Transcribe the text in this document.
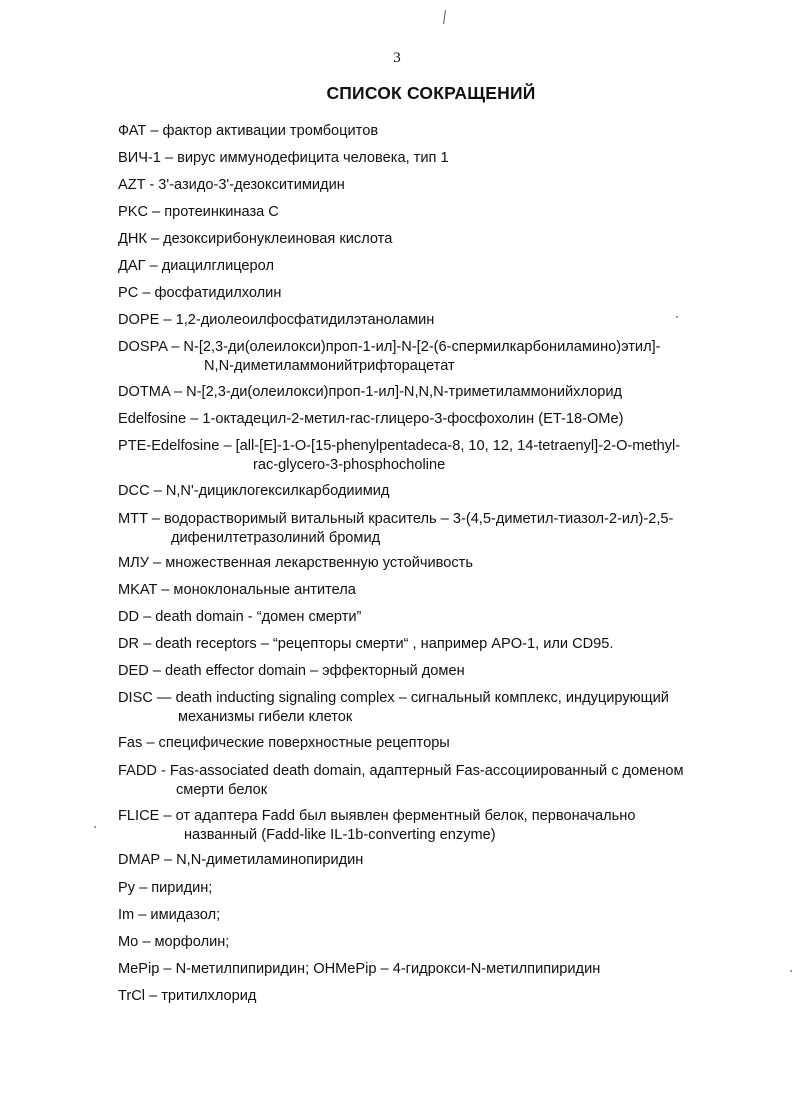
3
СПИСОК СОКРАЩЕНИЙ
ФАТ – фактор активации тромбоцитов
ВИЧ-1 – вирус иммунодефицита человека, тип 1
AZT - 3'-азидо-3'-дезокситимидин
PKC – протеинкиназа С
ДНК – дезоксирибонуклеиновая кислота
ДАГ – диацилглицерол
PC – фосфатидилхолин
DOPE – 1,2-диолеоилфосфатидилэтаноламин
DOSPA – N-[2,3-ди(олеилокси)проп-1-ил]-N-[2-(6-спермилкарбониламино)этил]-
N,N-диметиламмонийтрифторацетат
DOTMA – N-[2,3-ди(олеилокси)проп-1-ил]-N,N,N-триметиламмонийхлорид
Edelfosine – 1-октадецил-2-метил-rac-глицеро-3-фосфохолин (ET-18-OMe)
PTE-Edelfosine – [all-[E]-1-O-[15-phenylpentadeca-8, 10, 12, 14-tetraenyl]-2-O-methyl-
rac-glycero-3-phosphocholine
DCC – N,N'-дициклогексилкарбодиимид
MTT – водорастворимый витальный краситель – 3-(4,5-диметил-тиазол-2-ил)-2,5-
дифенилтетразолиний бромид
МЛУ – множественная лекарственную устойчивость
MKAT – моноклональные антитела
DD – death domain - “домен смерти”
DR – death receptors – “рецепторы смерти“ , например APO-1, или CD95.
DED – death effector domain – эффекторный домен
DISC — death inducting signaling complex – сигнальный комплекс, индуцирующий
механизмы гибели клеток
Fas – специфические поверхностные рецепторы
FADD - Fas-associated death domain, адаптерный Fas-ассоциированный с доменом
смерти белок
FLICE – от адаптера Fadd был выявлен ферментный белок, первоначально
названный (Fadd-like IL-1b-converting enzyme)
DMAP – N,N-диметиламинопиридин
Py – пиридин;
Im – имидазол;
Mo – морфолин;
MePip – N-метилпипиридин; OHMePip – 4-гидрокси-N-метилпипиридин
TrCl – тритилхлорид
